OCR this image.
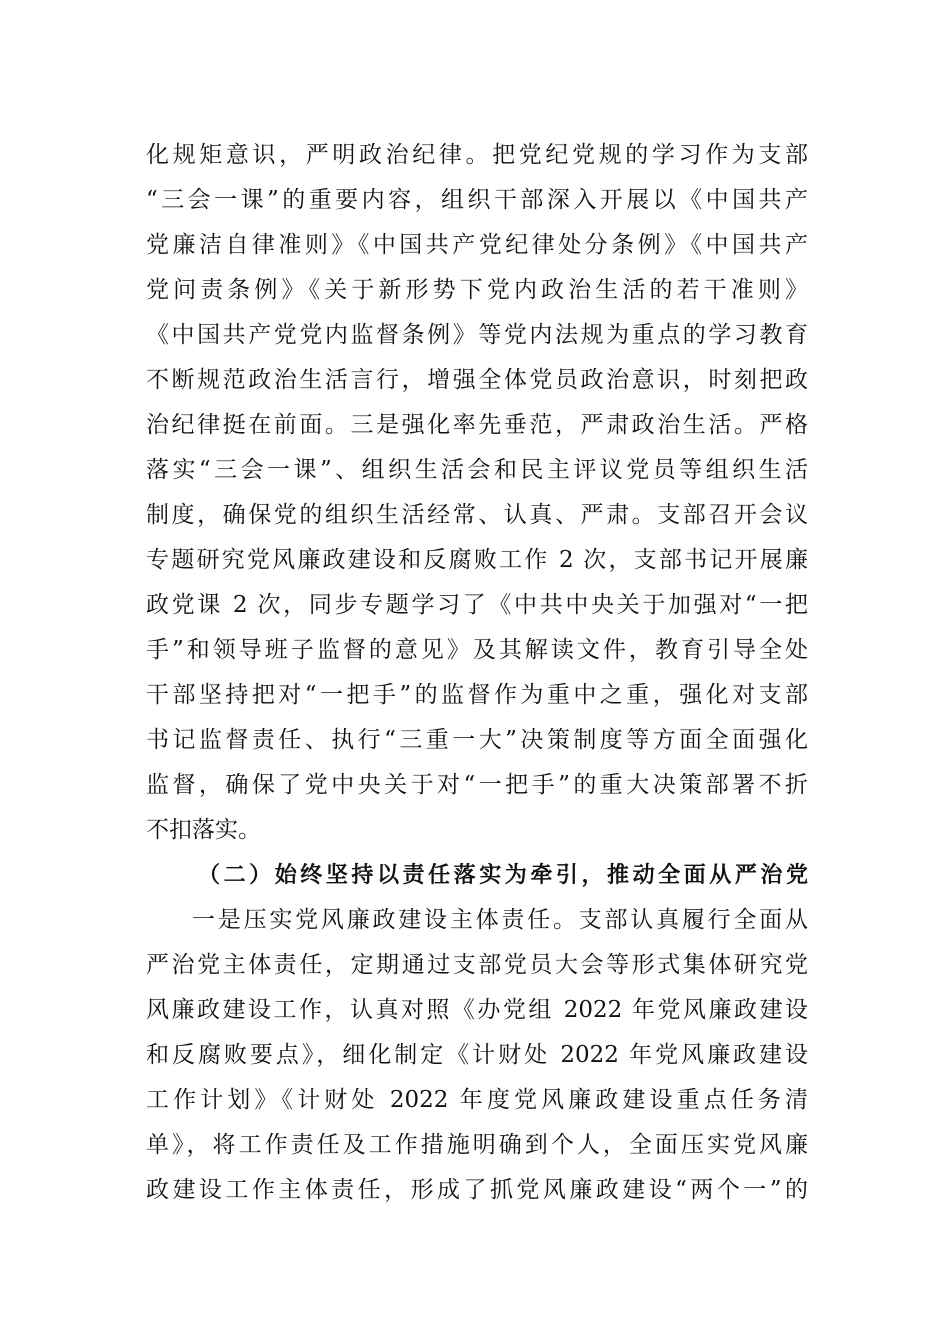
化规矩意识，严明政治纪律。把党纪党规的学习作为支部
“三会一课”的重要内容，组织干部深入开展以《中国共产
党廉洁自律准则》《中国共产党纪律处分条例》《中国共产
党问责条例》《关于新形势下党内政治生活的若干准则》
《中国共产党党内监督条例》等党内法规为重点的学习教育
不断规范政治生活言行，增强全体党员政治意识，时刻把政
治纪律挺在前面。三是强化率先垂范，严肃政治生活。严格
落实“三会一课”、组织生活会和民主评议党员等组织生活
制度，确保党的组织生活经常、认真、严肃。支部召开会议
专题研究党风廉政建设和反腐败工作 2 次，支部书记开展廉
政党课 2 次，同步专题学习了《中共中央关于加强对“一把
手”和领导班子监督的意见》及其解读文件，教育引导全处
干部坚持把对“一把手”的监督作为重中之重，强化对支部
书记监督责任、执行“三重一大”决策制度等方面全面强化
监督，确保了党中央关于对“一把手”的重大决策部署不折
不扣落实。
（二）始终坚持以责任落实为牵引，推动全面从严治党
一是压实党风廉政建设主体责任。支部认真履行全面从
严治党主体责任，定期通过支部党员大会等形式集体研究党
风廉政建设工作，认真对照《办党组 2022 年党风廉政建设
和反腐败要点》，细化制定《计财处 2022 年党风廉政建设
工作计划》《计财处 2022 年度党风廉政建设重点任务清
单》，将工作责任及工作措施明确到个人，全面压实党风廉
政建设工作主体责任，形成了抓党风廉政建设“两个一”的
